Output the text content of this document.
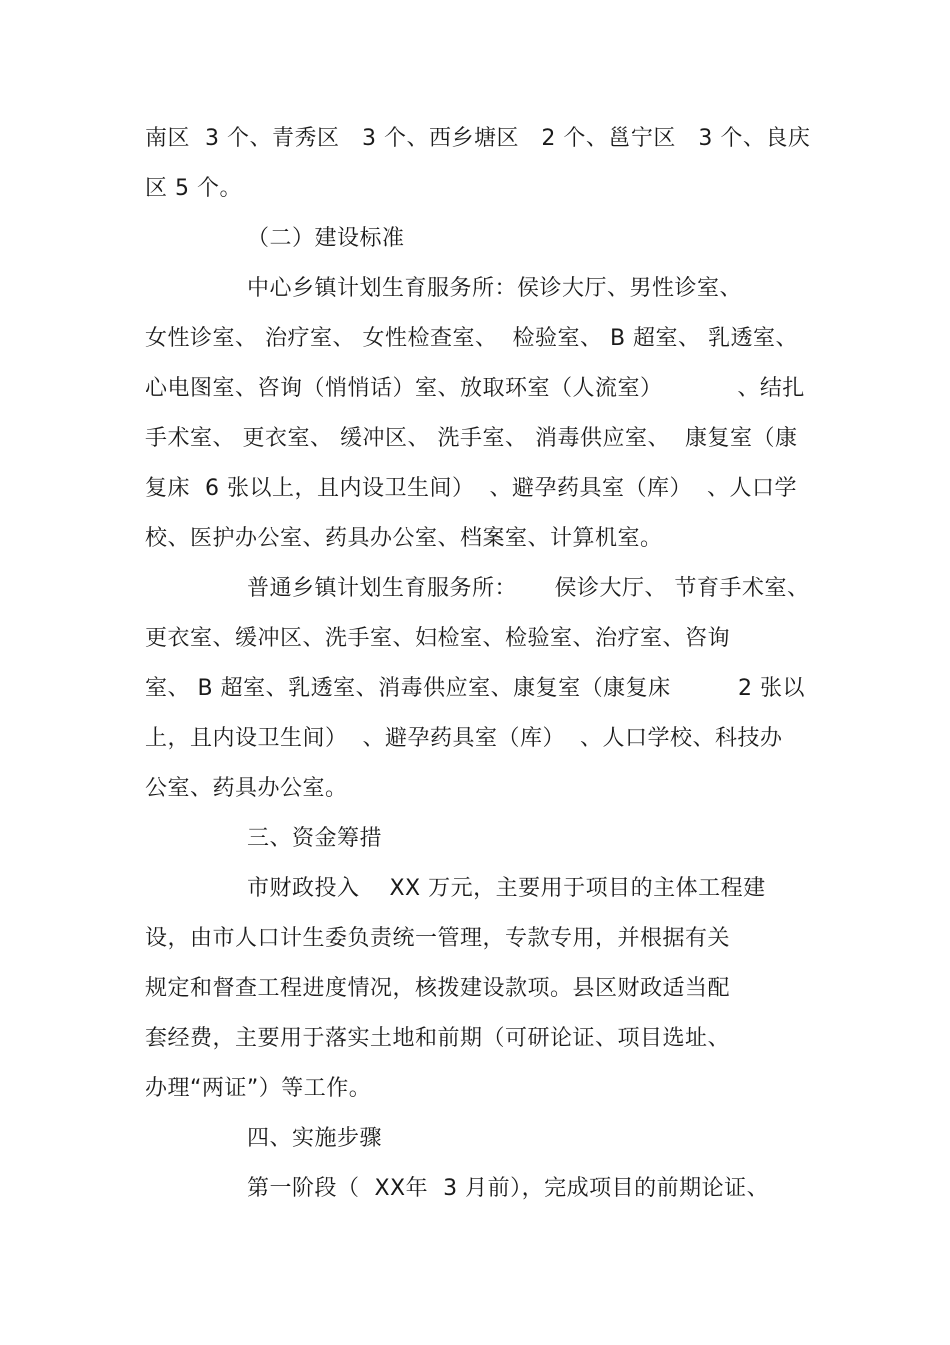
南区  3 个、青秀区   3 个、西乡塘区   2 个、邕宁区   3 个、良庆
区 5 个。
（二）建设标准
中心乡镇计划生育服务所：侯诊大厅、男性诊室、
女性诊室、 治疗室、 女性检查室、  检验室、 B 超室、 乳透室、
心电图室、咨询（悄悄话）室、放取环室（人流室）          、结扎
手术室、 更衣室、 缓冲区、 洗手室、 消毒供应室、  康复室（康
复床  6 张以上，且内设卫生间）  、避孕药具室（库）  、人口学
校、医护办公室、药具办公室、档案室、计算机室。
普通乡镇计划生育服务所：     侯诊大厅、 节育手术室、
更衣室、缓冲区、洗手室、妇检室、检验室、治疗室、咨询
室、 B 超室、乳透室、消毒供应室、康复室（康复床         2 张以
上，且内设卫生间）  、避孕药具室（库）  、人口学校、科技办
公室、药具办公室。
三、资金筹措
市财政投入    XX 万元，主要用于项目的主体工程建
设，由市人口计生委负责统一管理，专款专用，并根据有关
规定和督查工程进度情况，核拨建设款项。县区财政适当配
套经费，主要用于落实土地和前期（可研论证、项目选址、
办理“两证”）等工作。
四、实施步骤
第一阶段（  XX年  3 月前），完成项目的前期论证、
